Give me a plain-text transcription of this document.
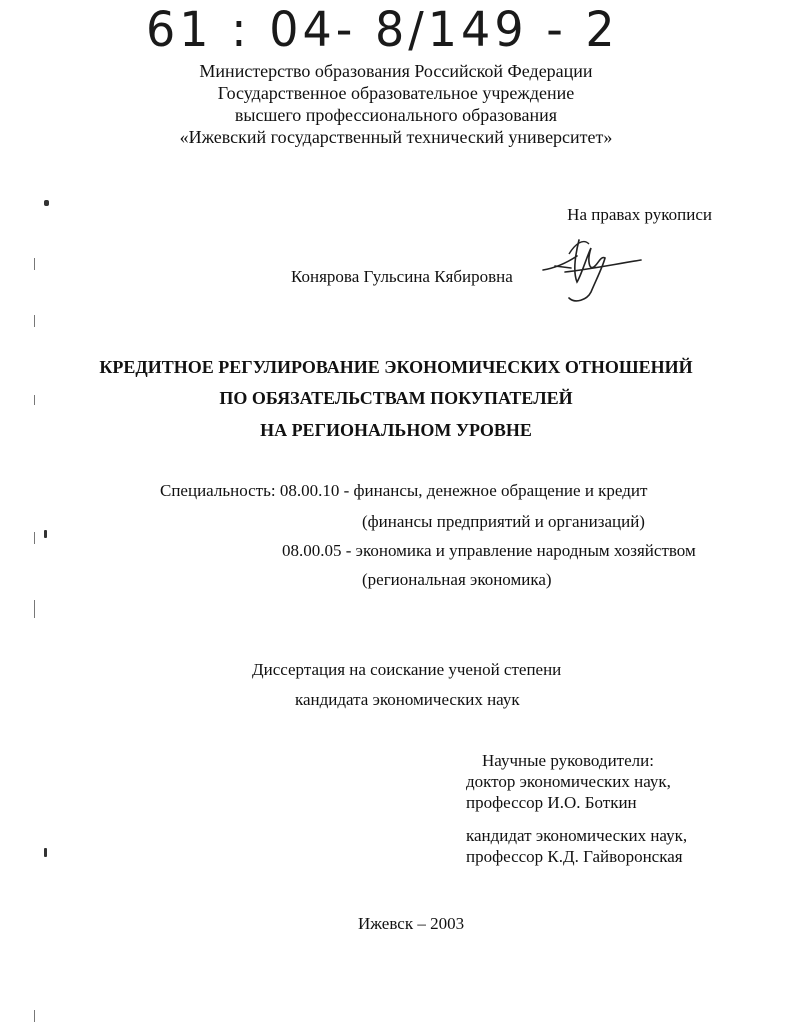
61 : 04- 8/149 - 2
Министерство образования Российской Федерации
Государственное образовательное учреждение
высшего профессионального образования
«Ижевский государственный технический университет»
На правах рукописи
Конярова Гульсина Кябировна
КРЕДИТНОЕ РЕГУЛИРОВАНИЕ ЭКОНОМИЧЕСКИХ ОТНОШЕНИЙ
ПО ОБЯЗАТЕЛЬСТВАМ ПОКУПАТЕЛЕЙ
НА РЕГИОНАЛЬНОМ УРОВНЕ
Специальность: 08.00.10 - финансы, денежное обращение и кредит
(финансы предприятий и организаций)
08.00.05 - экономика и управление народным хозяйством
(региональная экономика)
Диссертация на соискание ученой степени
кандидата экономических наук
Научные руководители:
доктор экономических наук,
профессор И.О. Боткин
кандидат экономических наук,
профессор К.Д. Гайворонская
Ижевск – 2003
